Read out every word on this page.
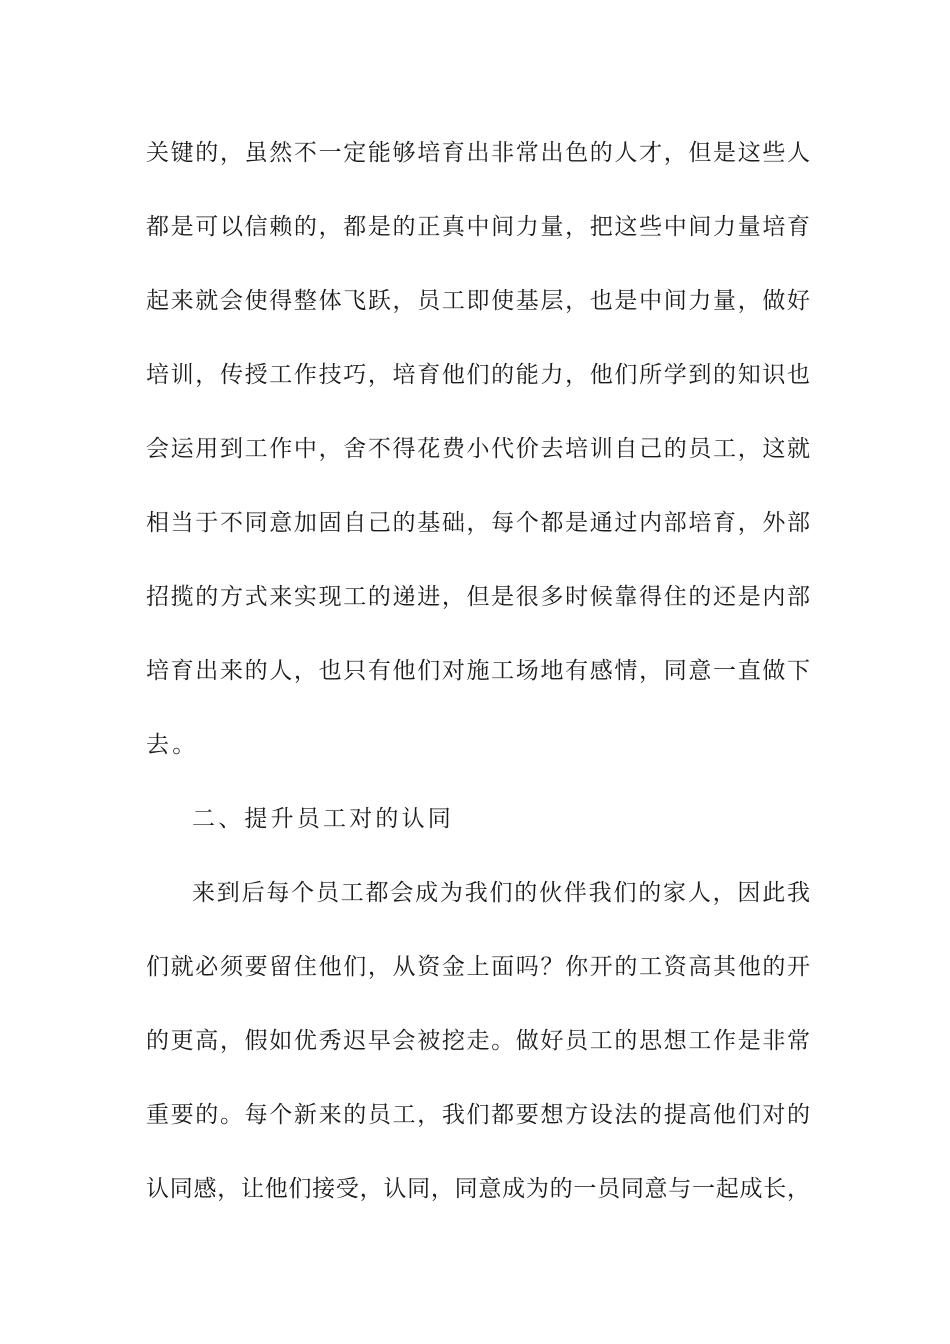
关键的，虽然不一定能够培育出非常出色的人才，但是这些人
都是可以信赖的，都是的正真中间力量，把这些中间力量培育
起来就会使得整体飞跃，员工即使基层，也是中间力量，做好
培训，传授工作技巧，培育他们的能力，他们所学到的知识也
会运用到工作中，舍不得花费小代价去培训自己的员工，这就
相当于不同意加固自己的基础，每个都是通过内部培育，外部
招揽的方式来实现工的递进，但是很多时候靠得住的还是内部
培育出来的人，也只有他们对施工场地有感情，同意一直做下
去。
二、提升员工对的认同
来到后每个员工都会成为我们的伙伴我们的家人，因此我
们就必须要留住他们，从资金上面吗？你开的工资高其他的开
的更高，假如优秀迟早会被挖走。做好员工的思想工作是非常
重要的。每个新来的员工，我们都要想方设法的提高他们对的
认同感，让他们接受，认同，同意成为的一员同意与一起成长，
